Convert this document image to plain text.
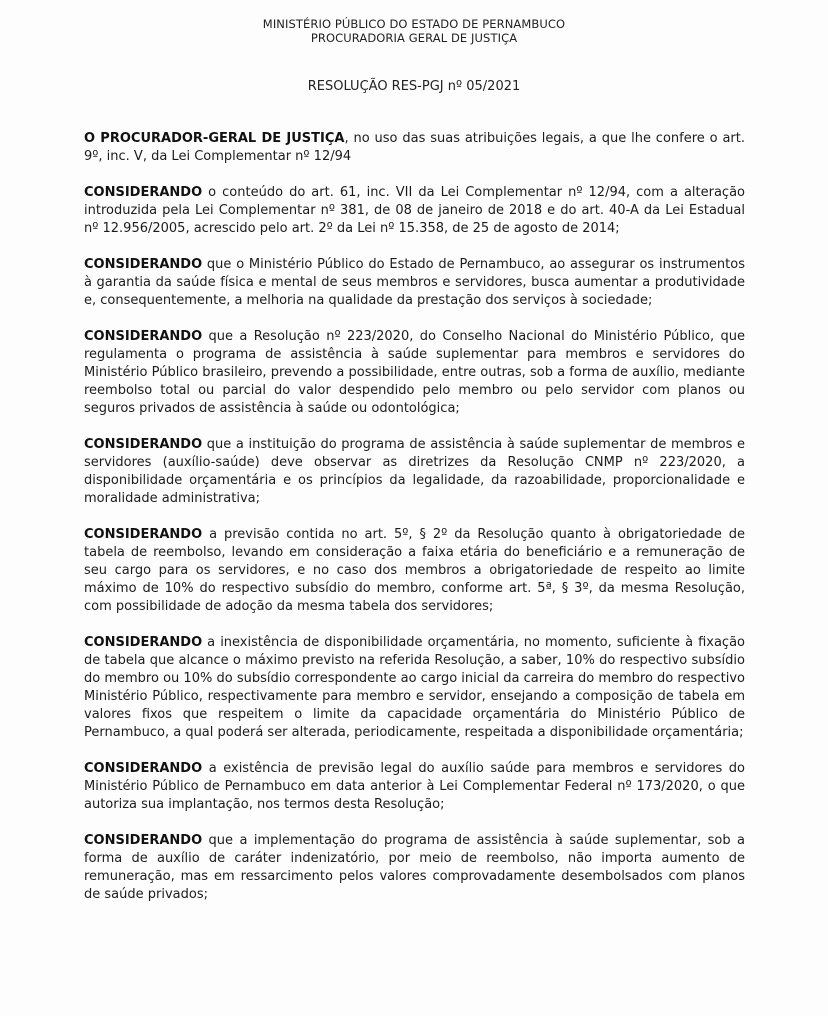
MINISTÉRIO PÚBLICO DO ESTADO DE PERNAMBUCO
PROCURADORIA GERAL DE JUSTIÇA
RESOLUÇÃO RES-PGJ nº 05/2021

O PROCURADOR-GERAL DE JUSTIÇA, no uso das suas atribuições legais, a que lhe confere o art. 9º, inc. V, da Lei Complementar nº 12/94

CONSIDERANDO o conteúdo do art. 61, inc. VII da Lei Complementar nº 12/94, com a alteração introduzida pela Lei Complementar nº 381, de 08 de janeiro de 2018 e do art. 40-A da Lei Estadual nº 12.956/2005, acrescido pelo art. 2º da Lei nº 15.358, de 25 de agosto de 2014;

CONSIDERANDO que o Ministério Público do Estado de Pernambuco, ao assegurar os instrumentos à garantia da saúde física e mental de seus membros e servidores, busca aumentar a produtividade e, consequentemente, a melhoria na qualidade da prestação dos serviços à sociedade;

CONSIDERANDO que a Resolução nº 223/2020, do Conselho Nacional do Ministério Público, que regulamenta o programa de assistência à saúde suplementar para membros e servidores do Ministério Público brasileiro, prevendo a possibilidade, entre outras, sob a forma de auxílio, mediante reembolso total ou parcial do valor despendido pelo membro ou pelo servidor com planos ou seguros privados de assistência à saúde ou odontológica;

CONSIDERANDO que a instituição do programa de assistência à saúde suplementar de membros e servidores (auxílio-saúde) deve observar as diretrizes da Resolução CNMP nº 223/2020, a disponibilidade orçamentária e os princípios da legalidade, da razoabilidade, proporcionalidade e moralidade administrativa;

CONSIDERANDO a previsão contida no art. 5º, § 2º da Resolução quanto à obrigatoriedade de tabela de reembolso, levando em consideração a faixa etária do beneficiário e a remuneração de seu cargo para os servidores, e no caso dos membros a obrigatoriedade de respeito ao limite máximo de 10% do respectivo subsídio do membro, conforme art. 5ª, § 3º, da mesma Resolução, com possibilidade de adoção da mesma tabela dos servidores;

CONSIDERANDO a inexistência de disponibilidade orçamentária, no momento, suficiente à fixação de tabela que alcance o máximo previsto na referida Resolução, a saber, 10% do respectivo subsídio do membro ou 10% do subsídio correspondente ao cargo inicial da carreira do membro do respectivo Ministério Público, respectivamente para membro e servidor, ensejando a composição de tabela em valores fixos que respeitem o limite da capacidade orçamentária do Ministério Público de Pernambuco, a qual poderá ser alterada, periodicamente, respeitada a disponibilidade orçamentária;

CONSIDERANDO a existência de previsão legal do auxílio saúde para membros e servidores do Ministério Público de Pernambuco em data anterior à Lei Complementar Federal nº 173/2020, o que autoriza sua implantação, nos termos desta Resolução;

CONSIDERANDO que a implementação do programa de assistência à saúde suplementar, sob a forma de auxílio de caráter indenizatório, por meio de reembolso, não importa aumento de remuneração, mas em ressarcimento pelos valores comprovadamente desembolsados com planos de saúde privados;
